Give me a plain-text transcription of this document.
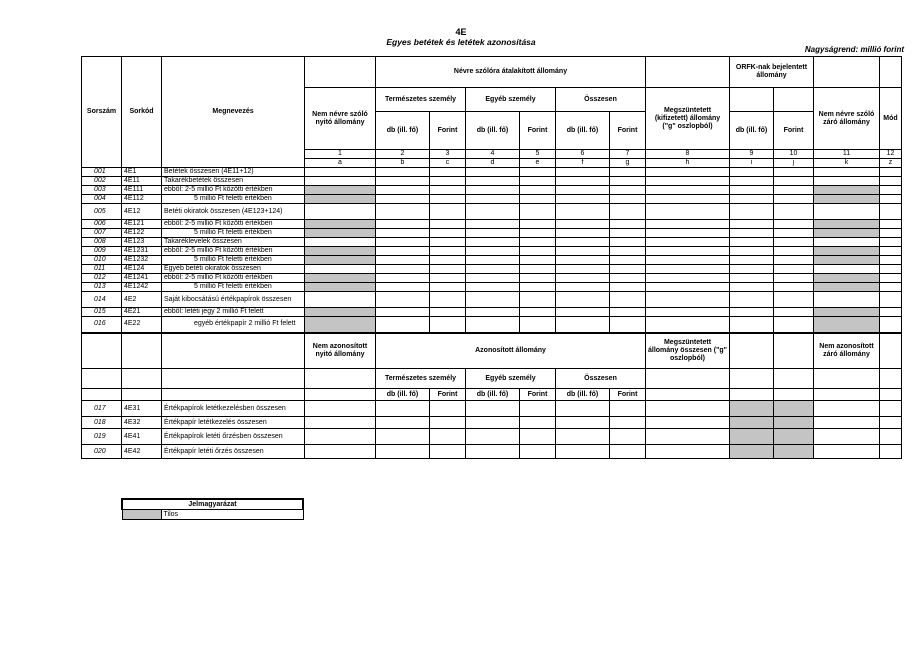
4E
Egyes betétek és letétek azonosítása
Nagyságrend: millió forint
Sorszám	Sorkód	Megnevezés		Névre szólóra átalakított állomány							ORFK-nak bejelentett állomány			
			Nem névre szóló nyitó állomány	Természetes személy		Egyéb személy		Összesen		Megszüntetett (kifizetett) állomány ("g" oszlopból)			Nem névre szóló záró állomány	Mód
				db (ill. fő)	Forint	db (ill. fő)	Forint	db (ill. fő)	Forint		db (ill. fő)	Forint		
			1	2	3	4	5	6	7	8	9	10	11	12
			a	b	c	d	e	f	g	h	i	j	k	z
001	4E1	Betétek összesen (4E11+12)												
002	4E11	Takarékbetétek összesen												
003	4E111	ebből: 2-5 millió Ft közötti értékben												
004	4E112	5 millió Ft feletti értékben												
005	4E12	Betéti okiratok összesen (4E123+124)												
006	4E121	ebből: 2-5 millió Ft közötti értékben												
007	4E122	5 millió Ft feletti értékben												
008	4E123	Takaréklevelek összesen												
009	4E1231	ebből: 2-5 millió Ft közötti értékben												
010	4E1232	5 millió Ft feletti értékben												
011	4E124	Egyéb betéti okiratok összesen												
012	4E1241	ebből: 2-5 millió Ft közötti értékben												
013	4E1242	5 millió Ft feletti értékben												
014	4E2	Saját kibocsátású értékpapírok összesen												
015	4E21	ebből: letéti jegy 2 millió Ft felett												
016	4E22	egyéb értékpapír 2 millió Ft felett												
			Nem azonosított nyitó állomány	Azonosított állomány						Megszüntetett állomány összesen ("g" oszlopból)			Nem azonosított záró állomány	
				Természetes személy		Egyéb személy		Összesen						
				db (ill. fő)	Forint	db (ill. fő)	Forint	db (ill. fő)	Forint					
017	4E31	Értékpapírok letétkezelésben összesen												
018	4E32	Értékpapír letétkezelés összesen												
019	4E41	Értékpapírok letéti őrzésben összesen												
020	4E42	Értékpapír letéti őrzés összesen												
Jelmagyarázat
	Tilos
